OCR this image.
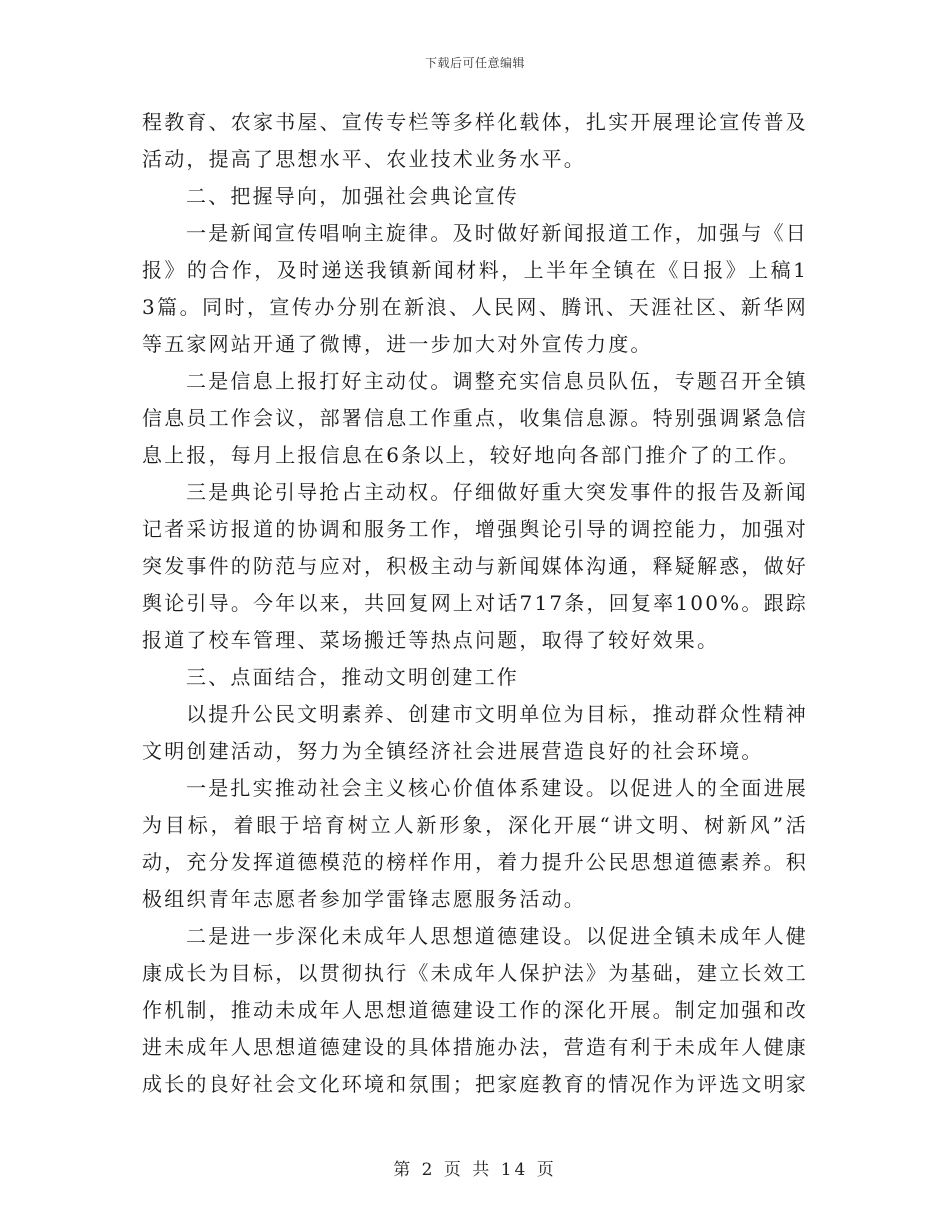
下载后可任意编辑

程教育、农家书屋、宣传专栏等多样化载体，扎实开展理论宣传普及活动，提高了思想水平、农业技术业务水平。

二、把握导向，加强社会典论宣传

一是新闻宣传唱响主旋律。及时做好新闻报道工作，加强与《日报》的合作，及时递送我镇新闻材料，上半年全镇在《日报》上稿13篇。同时，宣传办分别在新浪、人民网、腾讯、天涯社区、新华网等五家网站开通了微博，进一步加大对外宣传力度。

二是信息上报打好主动仗。调整充实信息员队伍，专题召开全镇信息员工作会议，部署信息工作重点，收集信息源。特别强调紧急信息上报，每月上报信息在6条以上，较好地向各部门推介了的工作。

三是典论引导抢占主动权。仔细做好重大突发事件的报告及新闻记者采访报道的协调和服务工作，增强舆论引导的调控能力，加强对突发事件的防范与应对，积极主动与新闻媒体沟通，释疑解惑，做好舆论引导。今年以来，共回复网上对话717条，回复率100%。跟踪报道了校车管理、菜场搬迁等热点问题，取得了较好效果。

三、点面结合，推动文明创建工作

以提升公民文明素养、创建市文明单位为目标，推动群众性精神文明创建活动，努力为全镇经济社会进展营造良好的社会环境。

一是扎实推动社会主义核心价值体系建设。以促进人的全面进展为目标，着眼于培育树立人新形象，深化开展“讲文明、树新风”活动，充分发挥道德模范的榜样作用，着力提升公民思想道德素养。积极组织青年志愿者参加学雷锋志愿服务活动。

二是进一步深化未成年人思想道德建设。以促进全镇未成年人健康成长为目标，以贯彻执行《未成年人保护法》为基础，建立长效工作机制，推动未成年人思想道德建设工作的深化开展。制定加强和改进未成年人思想道德建设的具体措施办法，营造有利于未成年人健康成长的良好社会文化环境和氛围；把家庭教育的情况作为评选文明家

第 2 页 共 14 页
